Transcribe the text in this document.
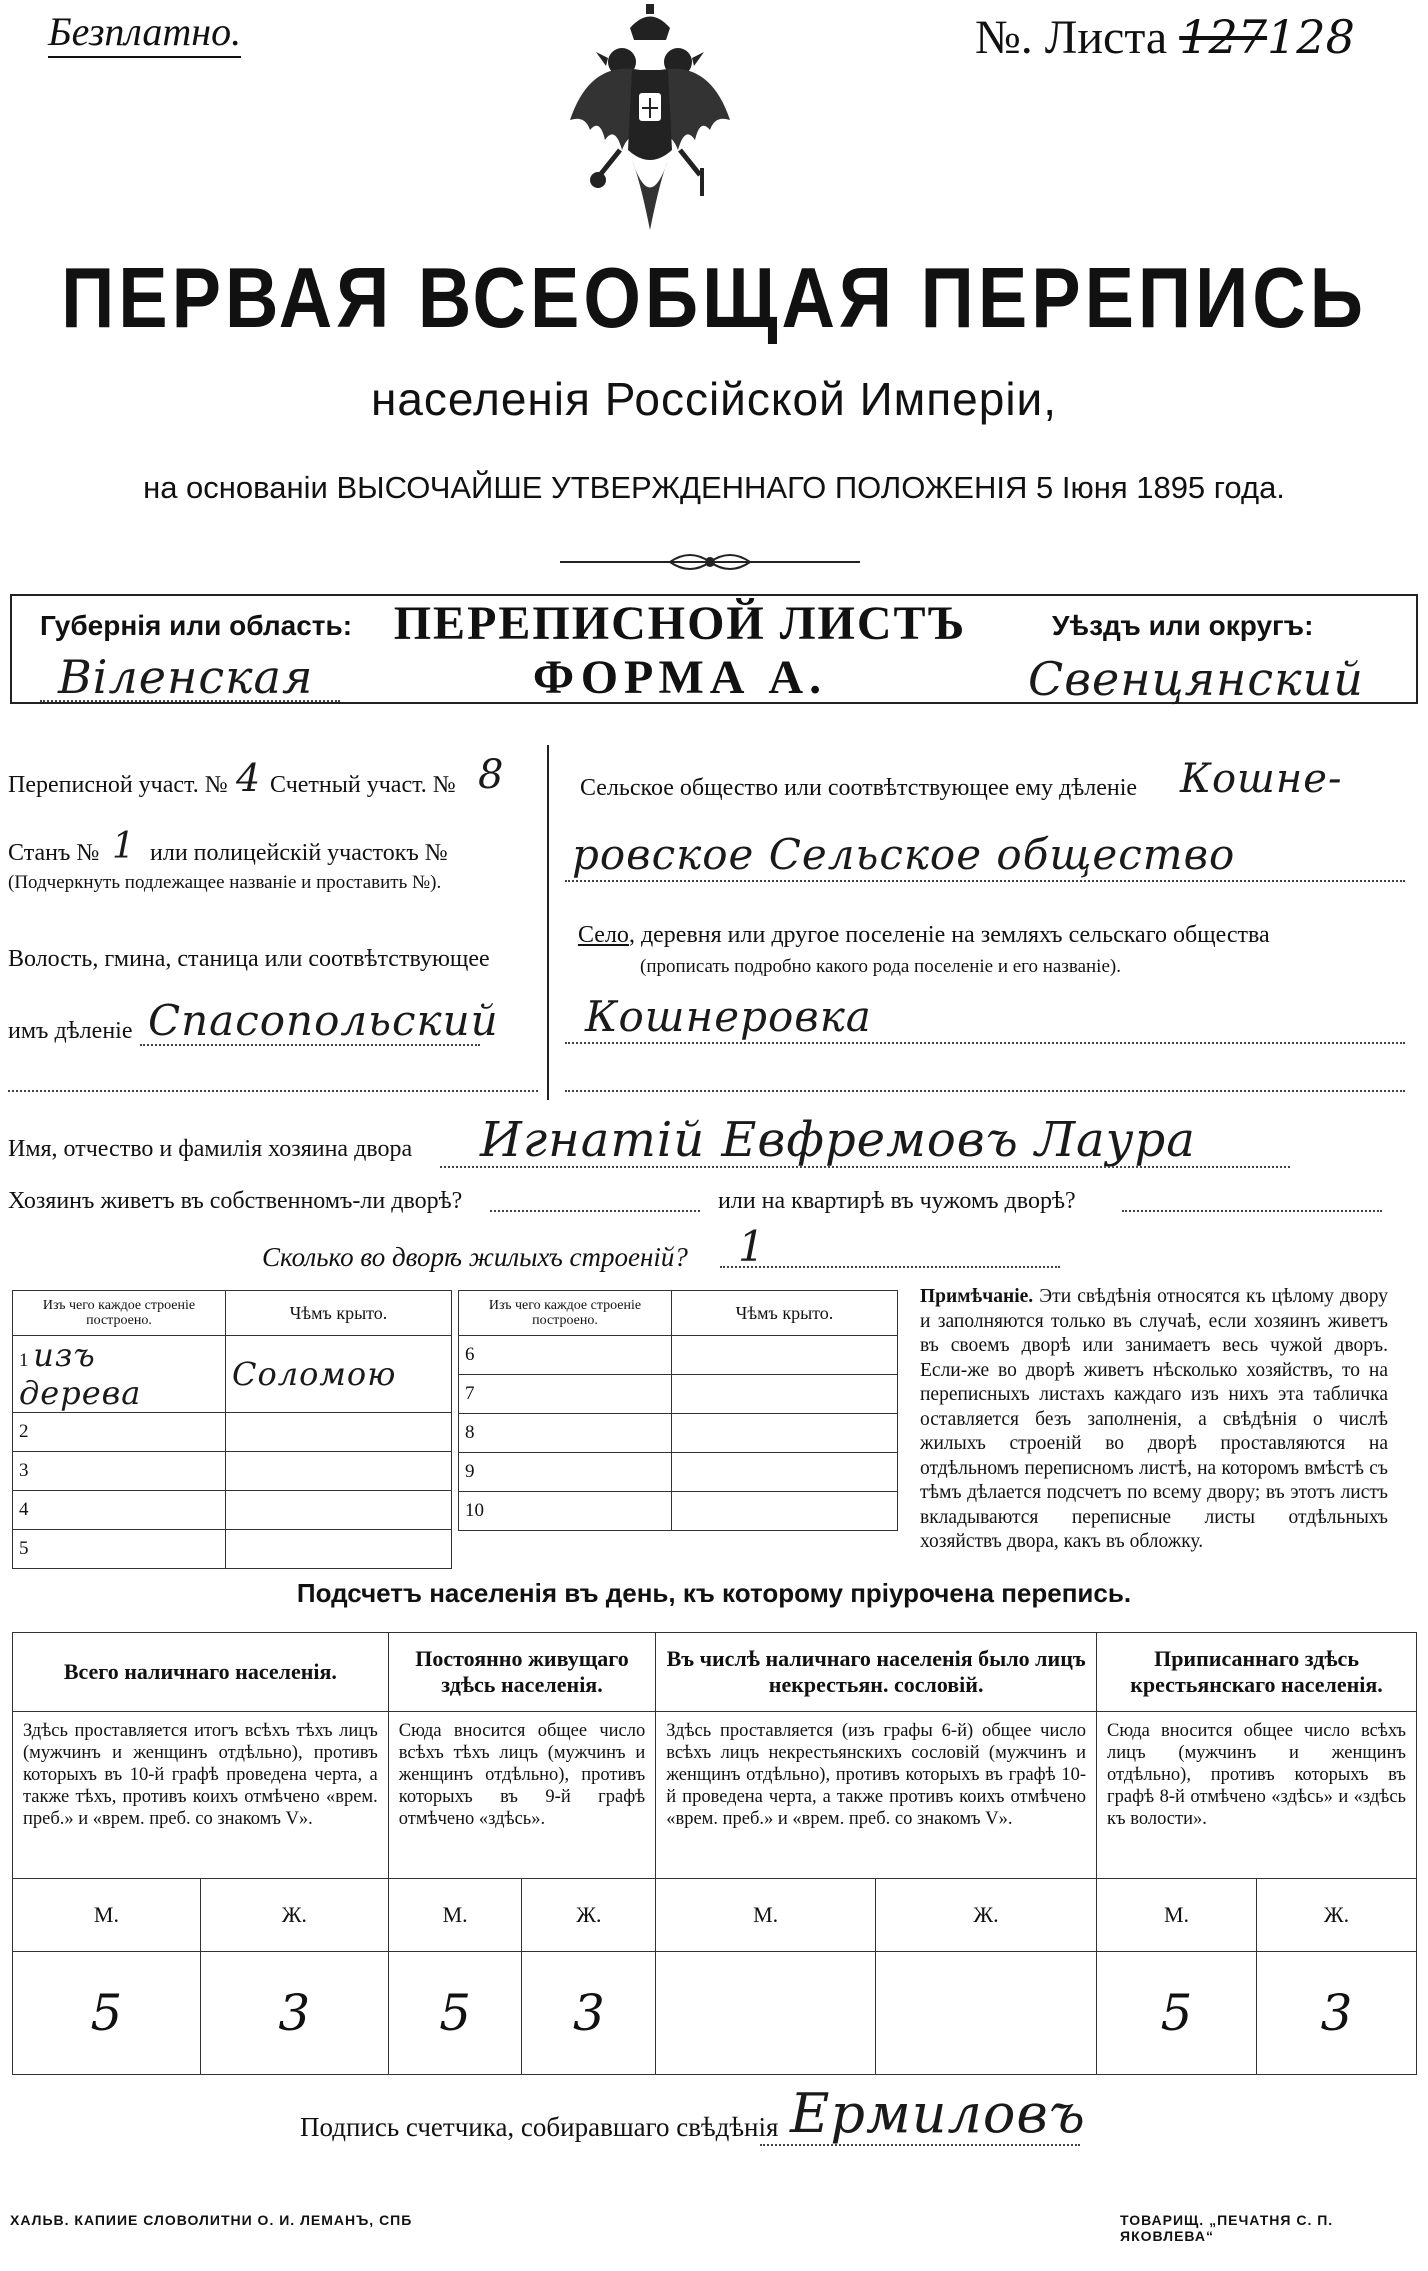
Безплатно.	№. Листа 127128
ПЕРВАЯ ВСЕОБЩАЯ ПЕРЕПИСЬ
населенія Россійской Имперіи,
на основаніи ВЫСОЧАЙШЕ УТВЕРЖДЕННАГО ПОЛОЖЕНІЯ 5 Іюня 1895 года.
Губернія или область:
Віленская
ПЕРЕПИСНОЙ ЛИСТЪ
ФОРМА А.
Уѣздъ или округъ:
Свенцянский
Переписной участ. № 4 Счетный участ. № 8
Станъ № 1 или полицейскій участокъ №
(Подчеркнуть подлежащее названіе и проставить №).
Волость, гмина, станица или соотвѣтствующее
имъ дѣленіе Спасопольский
Сельское общество или соотвѣтствующее ему дѣленіе Кошне-
ровское Сельское общество
Село, деревня или другое поселеніе на земляхъ сельскаго общества
(прописать подробно какого рода поселеніе и его названіе).
Кошнеровка
Имя, отчество и фамилія хозяина двора Игнатій Евфремовъ Лаура
Хозяинъ живетъ въ собственномъ-ли дворѣ?	или на квартирѣ въ чужомъ дворѣ?
Сколько во дворѣ жилыхъ строеній? 1
Изъ чего каждое строеніе построено.	Чѣмъ крыто.
1 изъ дерева	Соломою
2	
3	
4	
5	
Изъ чего каждое строеніе построено.	Чѣмъ крыто.
6	
7	
8	
9	
10	
Примѣчаніе. Эти свѣдѣнія относятся къ цѣлому двору и заполняются только въ случаѣ, если хозяинъ живетъ въ своемъ дворѣ или занимаетъ весь чужой дворъ. Если-же во дворѣ живетъ нѣсколько хозяйствъ, то на переписныхъ листахъ каждаго изъ нихъ эта табличка оставляется безъ заполненія, а свѣдѣнія о числѣ жилыхъ строеній во дворѣ проставляются на отдѣльномъ переписномъ листѣ, на которомъ вмѣстѣ съ тѣмъ дѣлается подсчетъ по всему двору; въ этотъ листъ вкладываются переписные листы отдѣльныхъ хозяйствъ двора, какъ въ обложку.
Подсчетъ населенія въ день, къ которому пріурочена перепись.
Всего наличнаго населенія.		Постоянно живущаго здѣсь населенія.		Въ числѣ наличнаго населенія было лицъ некрестьян. сословій.		Приписаннаго здѣсь крестьянскаго населенія.	
Здѣсь проставляется итогъ всѣхъ тѣхъ лицъ (мужчинъ и женщинъ отдѣльно), противъ которыхъ въ 10-й графѣ проведена черта, а также тѣхъ, противъ коихъ отмѣчено «врем. преб.» и «врем. преб. со знакомъ V».		Сюда вносится общее число всѣхъ тѣхъ лицъ (мужчинъ и женщинъ отдѣльно), противъ которыхъ въ 9-й графѣ отмѣчено «здѣсь».		Здѣсь проставляется (изъ графы 6-й) общее число всѣхъ лицъ некрестьянскихъ сословій (мужчинъ и женщинъ отдѣльно), противъ которыхъ въ графѣ 10-й проведена черта, а также противъ коихъ отмѣчено «врем. преб.» и «врем. преб. со знакомъ V».		Сюда вносится общее число всѣхъ лицъ (мужчинъ и женщинъ отдѣльно), противъ которыхъ въ графѣ 8-й отмѣчено «здѣсь» и «здѣсь къ волости».	
М.	Ж.	М.	Ж.	М.	Ж.	М.	Ж.
5	3	5	3			5	3
Подпись счетчика, собиравшаго свѣдѣнія Ермиловъ
ХАЛЬВ. КАПИИЕ СЛОВОЛИТНИ О. И. ЛЕМАНЪ, СПБ	ТОВАРИЩ. „ПЕЧАТНЯ С. П. ЯКОВЛЕВА“
